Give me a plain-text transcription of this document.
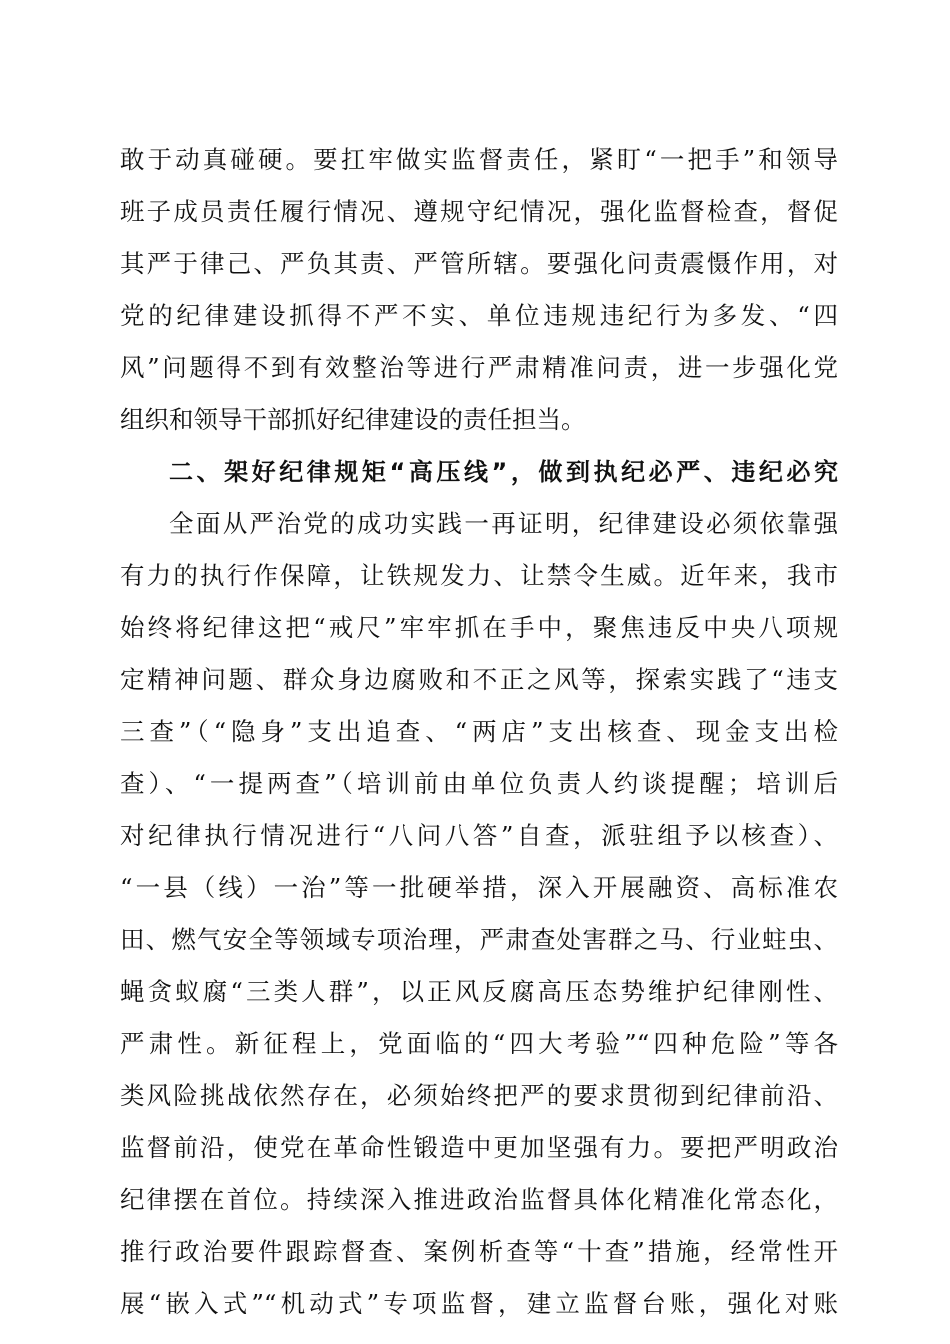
敢于动真碰硬。要扛牢做实监督责任，紧盯“一把手”和领导
班子成员责任履行情况、遵规守纪情况，强化监督检查，督促
其严于律己、严负其责、严管所辖。要强化问责震慑作用，对
党的纪律建设抓得不严不实、单位违规违纪行为多发、“四
风”问题得不到有效整治等进行严肃精准问责，进一步强化党
组织和领导干部抓好纪律建设的责任担当。
二、架好纪律规矩“高压线”，做到执纪必严、违纪必究
全面从严治党的成功实践一再证明，纪律建设必须依靠强
有力的执行作保障，让铁规发力、让禁令生威。近年来，我市
始终将纪律这把“戒尺”牢牢抓在手中，聚焦违反中央八项规
定精神问题、群众身边腐败和不正之风等，探索实践了“违支
三查”（“隐身”支出追查、“两店”支出核查、现金支出检
查）、“一提两查”（培训前由单位负责人约谈提醒；培训后
对纪律执行情况进行“八问八答”自查，派驻组予以核查）、
“一县（线）一治”等一批硬举措，深入开展融资、高标准农
田、燃气安全等领域专项治理，严肃查处害群之马、行业蛀虫、
蝇贪蚁腐“三类人群”，以正风反腐高压态势维护纪律刚性、
严肃性。新征程上，党面临的“四大考验”“四种危险”等各
类风险挑战依然存在，必须始终把严的要求贯彻到纪律前沿、
监督前沿，使党在革命性锻造中更加坚强有力。要把严明政治
纪律摆在首位。持续深入推进政治监督具体化精准化常态化，
推行政治要件跟踪督查、案例析查等“十查”措施，经常性开
展“嵌入式”“机动式”专项监督，建立监督台账，强化对账
